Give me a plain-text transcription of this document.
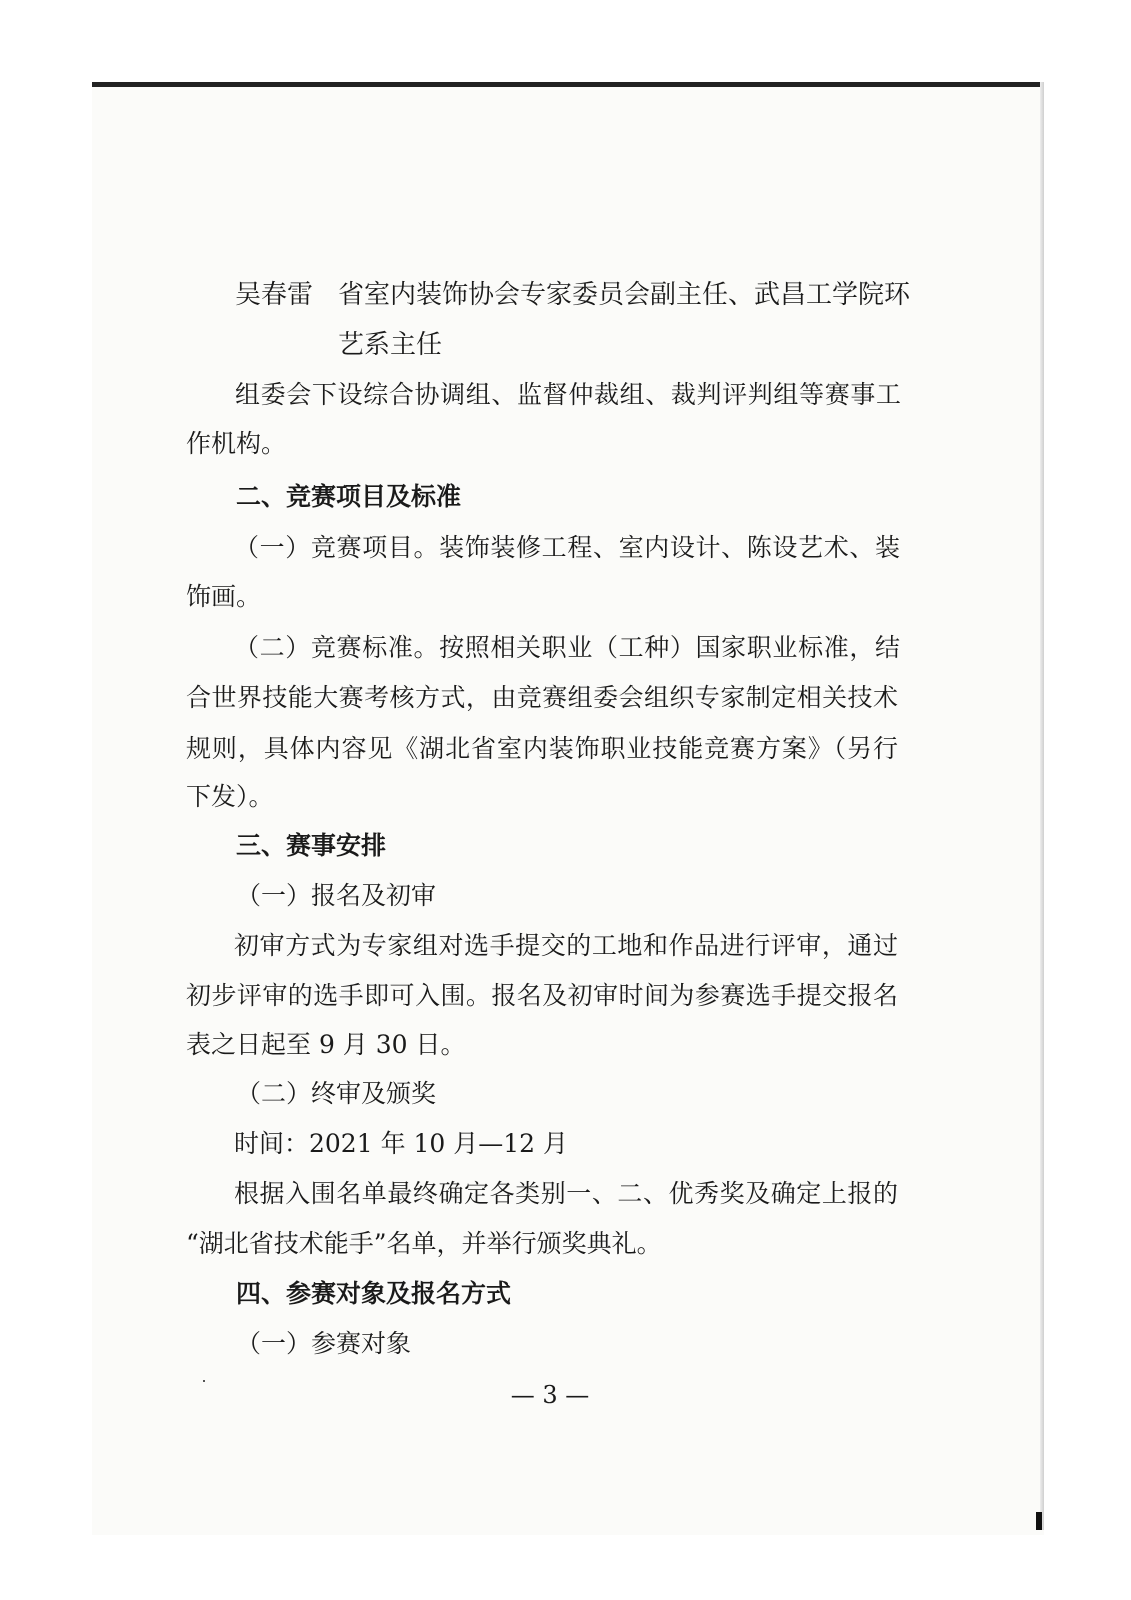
吴春雷 省室内装饰协会专家委员会副主任、武昌工学院环
艺系主任
组委会下设综合协调组、监督仲裁组、裁判评判组等赛事工
作机构。
二、竞赛项目及标准
（一）竞赛项目。装饰装修工程、室内设计、陈设艺术、装
饰画。
（二）竞赛标准。按照相关职业（工种）国家职业标准，结
合世界技能大赛考核方式，由竞赛组委会组织专家制定相关技术
规则，具体内容见《湖北省室内装饰职业技能竞赛方案》（另行
下发）。
三、赛事安排
（一）报名及初审
初审方式为专家组对选手提交的工地和作品进行评审，通过
初步评审的选手即可入围。报名及初审时间为参赛选手提交报名
表之日起至 9 月 30 日。
（二）终审及颁奖
时间：2021 年 10 月—12 月
根据入围名单最终确定各类别一、二、优秀奖及确定上报的
“湖北省技术能手”名单，并举行颁奖典礼。
四、参赛对象及报名方式
（一）参赛对象
— 3 —
